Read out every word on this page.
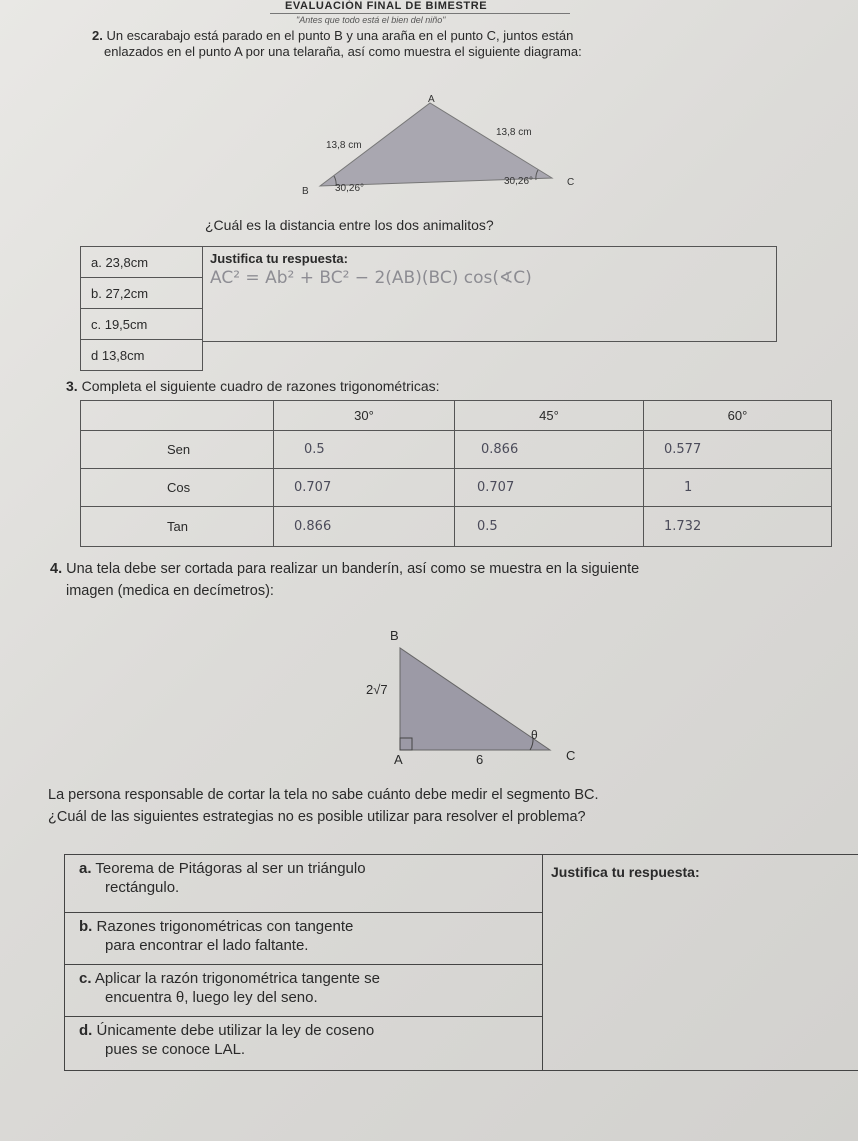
EVALUACIÓN FINAL DE BIMESTRE
"Antes que todo está el bien del niño"
2. Un escarabajo está parado en el punto B y una araña en el punto C, juntos están
enlazados en el punto A por una telaraña, así como muestra el siguiente diagrama:
A
B
C
13,8 cm
13,8 cm
30,26°
30,26°
¿Cuál es la distancia entre los dos animalitos?
a. 23,8cm
b. 27,2cm
c. 19,5cm
d 13,8cm
Justifica tu respuesta:
AC² = Ab² + BC² − 2(AB)(BC) cos(∢C)
3. Completa el siguiente cuadro de razones trigonométricas:
	30°	45°	60°
Sen	0.5	0.866	0.577
Cos	0.707	0.707	1
Tan	0.866	0.5	1.732
4. Una tela debe ser cortada para realizar un banderín, así como se muestra en la siguiente
imagen (medica en decímetros):
B
A	C
2√7
6
θ
La persona responsable de cortar la tela no sabe cuánto debe medir el segmento BC.
¿Cuál de las siguientes estrategias no es posible utilizar para resolver el problema?
a. Teorema de Pitágoras al ser un triángulo
rectángulo.	Justifica tu respuesta:
b. Razones trigonométricas con tangente
para encontrar el lado faltante.
c. Aplicar la razón trigonométrica tangente se
encuentra θ, luego ley del seno.
d. Únicamente debe utilizar la ley de coseno
pues se conoce LAL.
